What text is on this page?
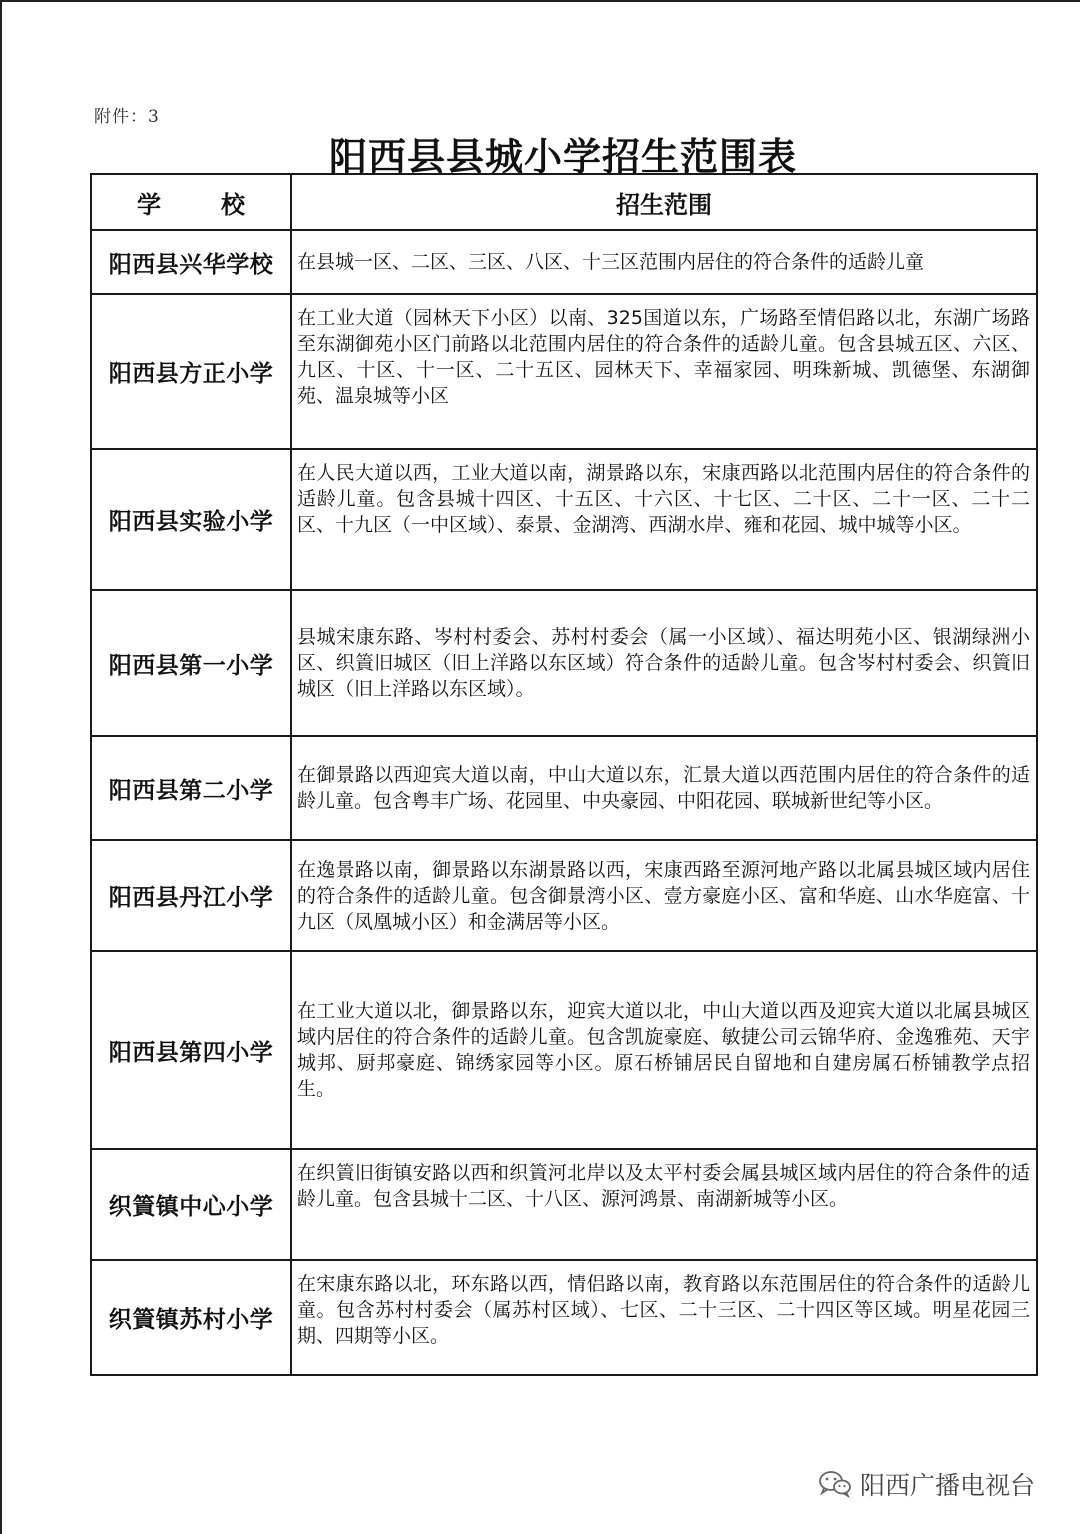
附件：3
阳西县县城小学招生范围表
学 校	招生范围
阳西县兴华学校	在县城一区、二区、三区、八区、十三区范围内居住的符合条件的适龄儿童
阳西县方正小学	在工业大道（园林天下小区）以南、325国道以东，广场路至情侣路以北，东湖广场路至东湖御苑小区门前路以北范围内居住的符合条件的适龄儿童。包含县城五区、六区、九区、十区、十一区、二十五区、园林天下、幸福家园、明珠新城、凯德堡、东湖御苑、温泉城等小区
阳西县实验小学	在人民大道以西，工业大道以南，湖景路以东，宋康西路以北范围内居住的符合条件的适龄儿童。包含县城十四区、十五区、十六区、十七区、二十区、二十一区、二十二区、十九区（一中区域）、泰景、金湖湾、西湖水岸、雍和花园、城中城等小区。
阳西县第一小学	县城宋康东路、岑村村委会、苏村村委会（属一小区域）、福达明苑小区、银湖绿洲小区、织篢旧城区（旧上洋路以东区域）符合条件的适龄儿童。包含岑村村委会、织篢旧城区（旧上洋路以东区域）。
阳西县第二小学	在御景路以西迎宾大道以南，中山大道以东，汇景大道以西范围内居住的符合条件的适龄儿童。包含粤丰广场、花园里、中央豪园、中阳花园、联城新世纪等小区。
阳西县丹江小学	在逸景路以南，御景路以东湖景路以西，宋康西路至源河地产路以北属县城区域内居住的符合条件的适龄儿童。包含御景湾小区、壹方豪庭小区、富和华庭、山水华庭富、十九区（凤凰城小区）和金满居等小区。
阳西县第四小学	在工业大道以北，御景路以东，迎宾大道以北，中山大道以西及迎宾大道以北属县城区域内居住的符合条件的适龄儿童。包含凯旋豪庭、敏捷公司云锦华府、金逸雅苑、天宇城邦、厨邦豪庭、锦绣家园等小区。原石桥铺居民自留地和自建房属石桥铺教学点招生。
织篢镇中心小学	在织篢旧街镇安路以西和织篢河北岸以及太平村委会属县城区域内居住的符合条件的适龄儿童。包含县城十二区、十八区、源河鸿景、南湖新城等小区。
织篢镇苏村小学	在宋康东路以北，环东路以西，情侣路以南，教育路以东范围居住的符合条件的适龄儿童。包含苏村村委会（属苏村区域）、七区、二十三区、二十四区等区域。明星花园三期、四期等小区。
阳西广播电视台
